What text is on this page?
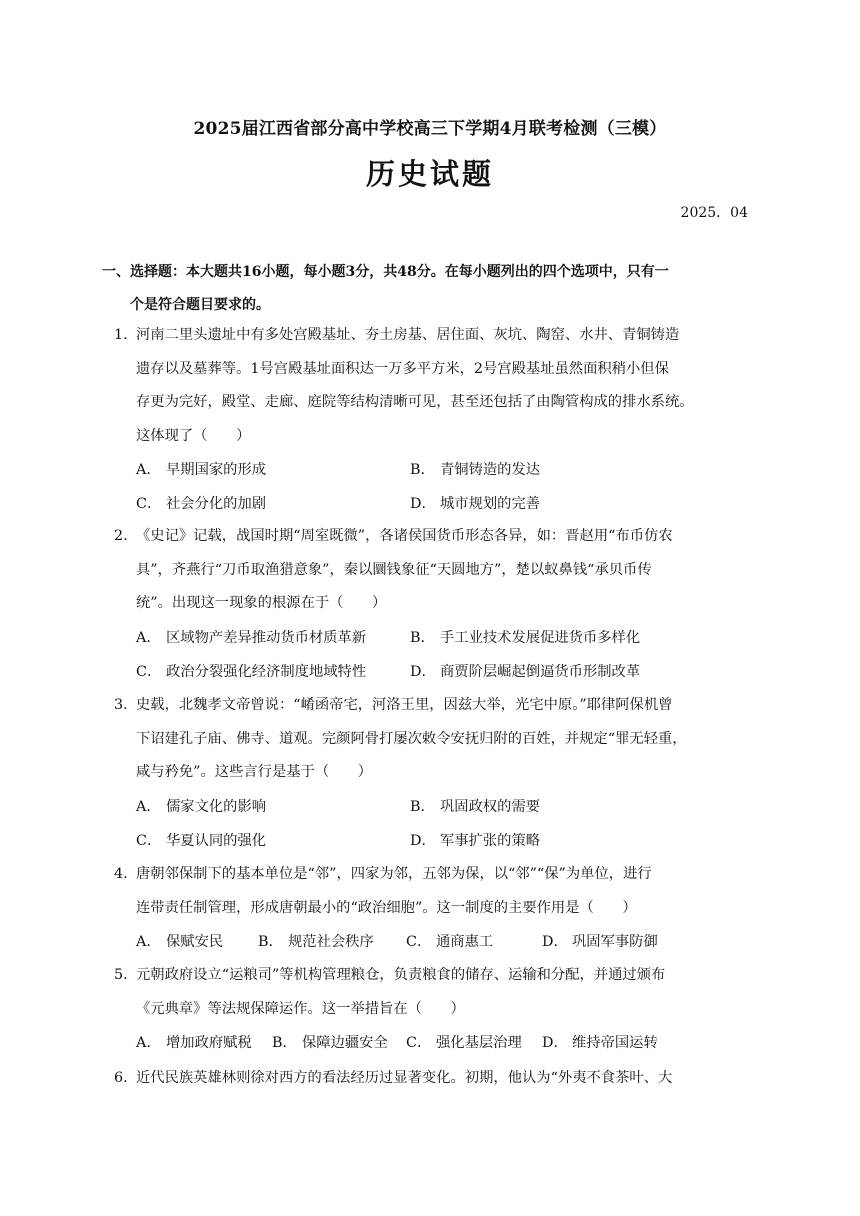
2025届江西省部分高中学校高三下学期4月联考检测（三模）
历史试题
2025．04
一、选择题：本大题共16小题，每小题3分，共48分。在每小题列出的四个选项中，只有一
个是符合题目要求的。
1. 河南二里头遗址中有多处宫殿基址、夯土房基、居住面、灰坑、陶窑、水井、青铜铸造
遗存以及墓葬等。1号宫殿基址面积达一万多平方米，2号宫殿基址虽然面积稍小但保
存更为完好，殿堂、走廊、庭院等结构清晰可见，甚至还包括了由陶管构成的排水系统。
这体现了（　　）
A． 早期国家的形成	B． 青铜铸造的发达
C． 社会分化的加剧	D． 城市规划的完善
2. 《史记》记载，战国时期“周室既微”，各诸侯国货币形态各异，如：晋赵用“布币仿农
具”，齐燕行“刀币取渔猎意象”，秦以圜钱象征“天圆地方”，楚以蚁鼻钱“承贝币传
统”。出现这一现象的根源在于（　　）
A． 区域物产差异推动货币材质革新	B． 手工业技术发展促进货币多样化
C． 政治分裂强化经济制度地域特性	D． 商贾阶层崛起倒逼货币形制改革
3. 史载，北魏孝文帝曾说：“崤函帝宅，河洛王里，因兹大举，光宅中原。”耶律阿保机曾
下诏建孔子庙、佛寺、道观。完颜阿骨打屡次敕令安抚归附的百姓，并规定“罪无轻重，
咸与矜免”。这些言行是基于（　　）
A． 儒家文化的影响	B． 巩固政权的需要
C． 华夏认同的强化	D． 军事扩张的策略
4. 唐朝邻保制下的基本单位是“邻”，四家为邻，五邻为保，以“邻”“保”为单位，进行
连带责任制管理，形成唐朝最小的“政治细胞”。这一制度的主要作用是（　　）
A． 保赋安民 B． 规范社会秩序 C． 通商惠工	D． 巩固军事防御
5. 元朝政府设立“运粮司”等机构管理粮仓，负责粮食的储存、运输和分配，并通过颁布
《元典章》等法规保障运作。这一举措旨在（　　）
A． 增加政府赋税 B． 保障边疆安全 C． 强化基层治理 D． 维持帝国运转
6. 近代民族英雄林则徐对西方的看法经历过显著变化。初期，他认为“外夷不食茶叶、大
